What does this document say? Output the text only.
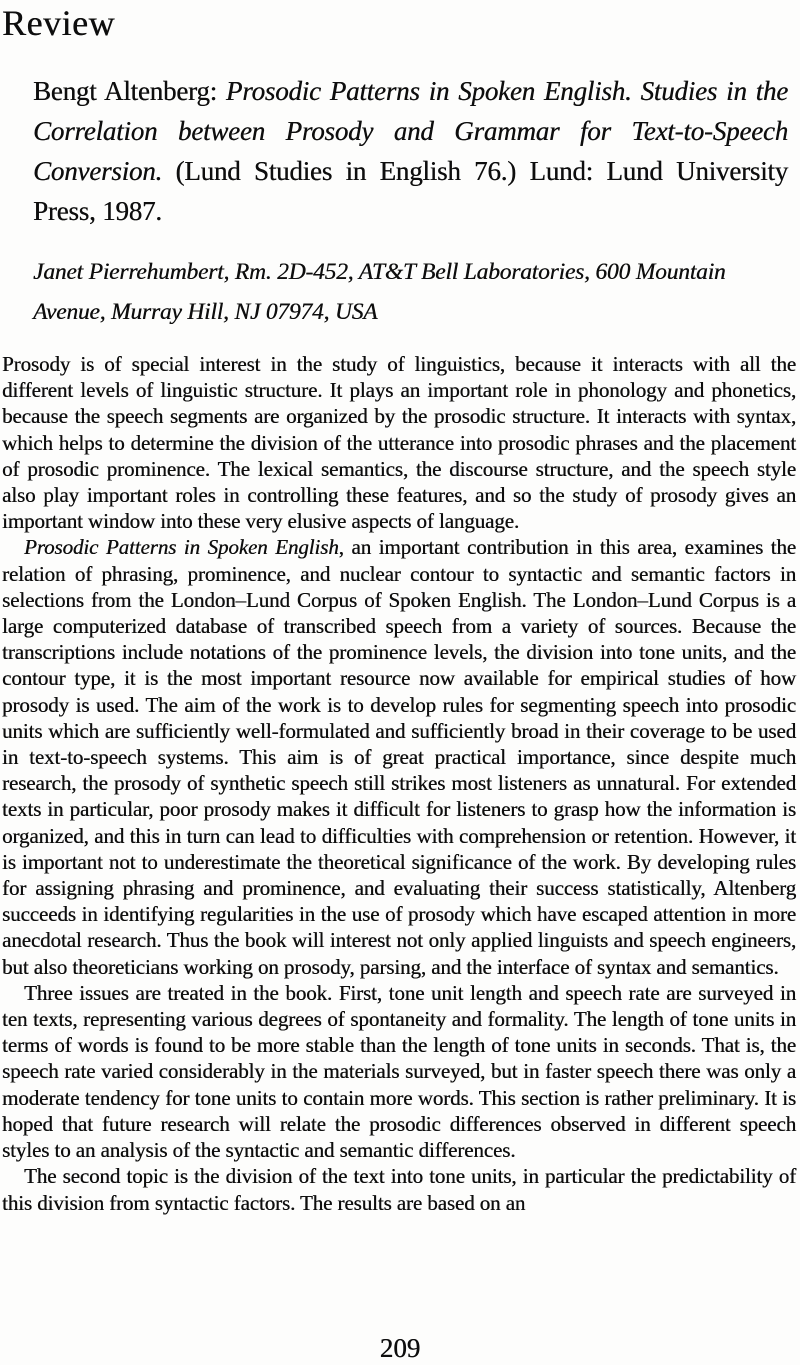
Review
Bengt Altenberg: Prosodic Patterns in Spoken English. Studies in the Correlation between Prosody and Grammar for Text-to-Speech Conversion. (Lund Studies in English 76.) Lund: Lund University Press, 1987.
Janet Pierrehumbert, Rm. 2D-452, AT&T Bell Laboratories, 600 Mountain Avenue, Murray Hill, NJ 07974, USA

Prosody is of special interest in the study of linguistics, because it interacts with all the different levels of linguistic structure. It plays an important role in phonology and phonetics, because the speech segments are organized by the prosodic structure. It interacts with syntax, which helps to determine the division of the utterance into prosodic phrases and the placement of prosodic prominence. The lexical semantics, the discourse structure, and the speech style also play important roles in controlling these features, and so the study of prosody gives an important window into these very elusive aspects of language.

Prosodic Patterns in Spoken English, an important contribution in this area, examines the relation of phrasing, prominence, and nuclear contour to syntactic and semantic factors in selections from the London–Lund Corpus of Spoken English. The London–Lund Corpus is a large computerized database of transcribed speech from a variety of sources. Because the transcriptions include notations of the prominence levels, the division into tone units, and the contour type, it is the most important resource now available for empirical studies of how prosody is used. The aim of the work is to develop rules for segmenting speech into prosodic units which are sufficiently well-formulated and sufficiently broad in their coverage to be used in text-to-speech systems. This aim is of great practical importance, since despite much research, the prosody of synthetic speech still strikes most listeners as unnatural. For extended texts in particular, poor prosody makes it difficult for listeners to grasp how the information is organized, and this in turn can lead to difficulties with comprehension or retention. However, it is important not to underestimate the theoretical significance of the work. By developing rules for assigning phrasing and prominence, and evaluating their success statistically, Altenberg succeeds in identifying regularities in the use of prosody which have escaped attention in more anecdotal research. Thus the book will interest not only applied linguists and speech engineers, but also theoreticians working on prosody, parsing, and the interface of syntax and semantics.

Three issues are treated in the book. First, tone unit length and speech rate are surveyed in ten texts, representing various degrees of spontaneity and formality. The length of tone units in terms of words is found to be more stable than the length of tone units in seconds. That is, the speech rate varied considerably in the materials surveyed, but in faster speech there was only a moderate tendency for tone units to contain more words. This section is rather preliminary. It is hoped that future research will relate the prosodic differences observed in different speech styles to an analysis of the syntactic and semantic differences.

The second topic is the division of the text into tone units, in particular the predictability of this division from syntactic factors. The results are based on an

209
